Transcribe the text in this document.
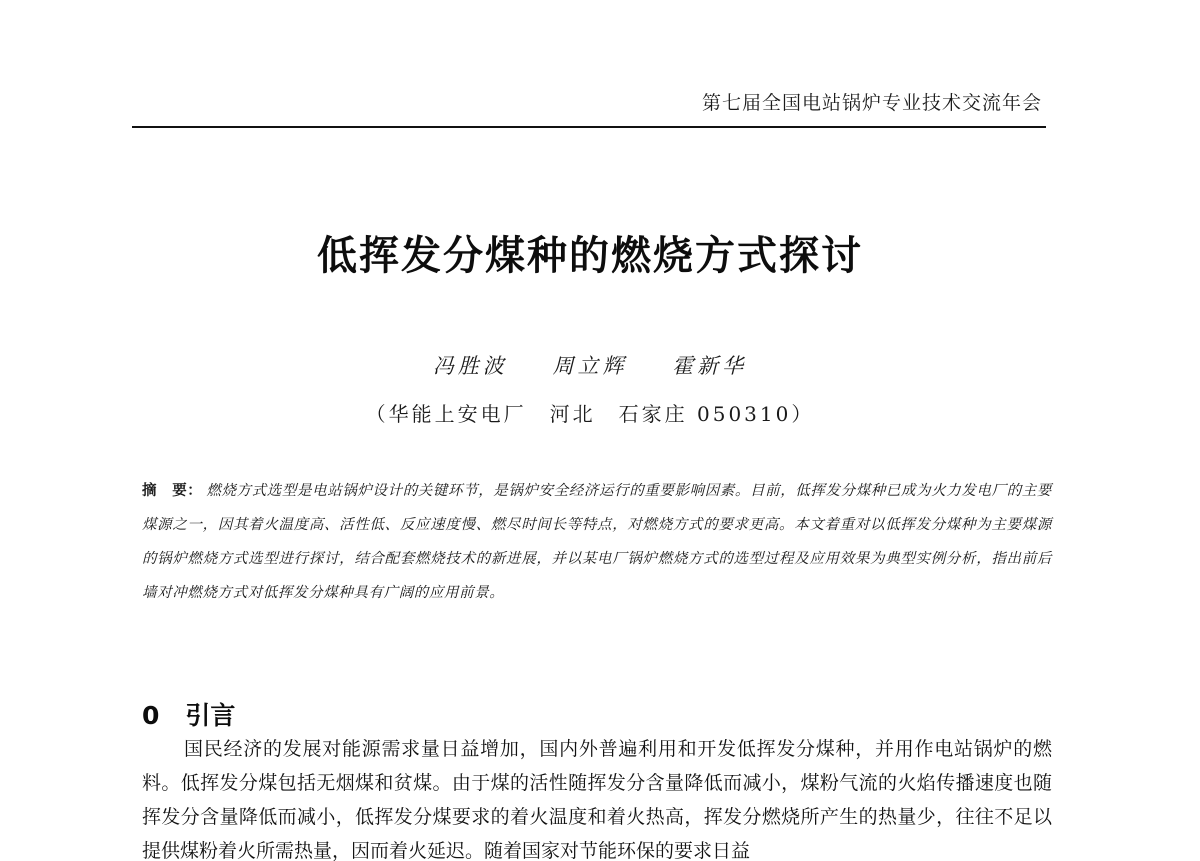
第七届全国电站锅炉专业技术交流年会
低挥发分煤种的燃烧方式探讨
冯胜波 周立辉 霍新华
（华能上安电厂　河北　石家庄 050310）
摘　要： 燃烧方式选型是电站锅炉设计的关键环节，是锅炉安全经济运行的重要影响因素。目前，低挥发分煤种已成为火力发电厂的主要煤源之一，因其着火温度高、活性低、反应速度慢、燃尽时间长等特点，对燃烧方式的要求更高。本文着重对以低挥发分煤种为主要煤源的锅炉燃烧方式选型进行探讨，结合配套燃烧技术的新进展，并以某电厂锅炉燃烧方式的选型过程及应用效果为典型实例分析，指出前后墙对冲燃烧方式对低挥发分煤种具有广阔的应用前景。
0 引言

国民经济的发展对能源需求量日益增加，国内外普遍利用和开发低挥发分煤种，并用作电站锅炉的燃料。低挥发分煤包括无烟煤和贫煤。由于煤的活性随挥发分含量降低而减小，煤粉气流的火焰传播速度也随挥发分含量降低而减小，低挥发分煤要求的着火温度和着火热高，挥发分燃烧所产生的热量少，往往不足以提供煤粉着火所需热量，因而着火延迟。随着国家对节能环保的要求日益
